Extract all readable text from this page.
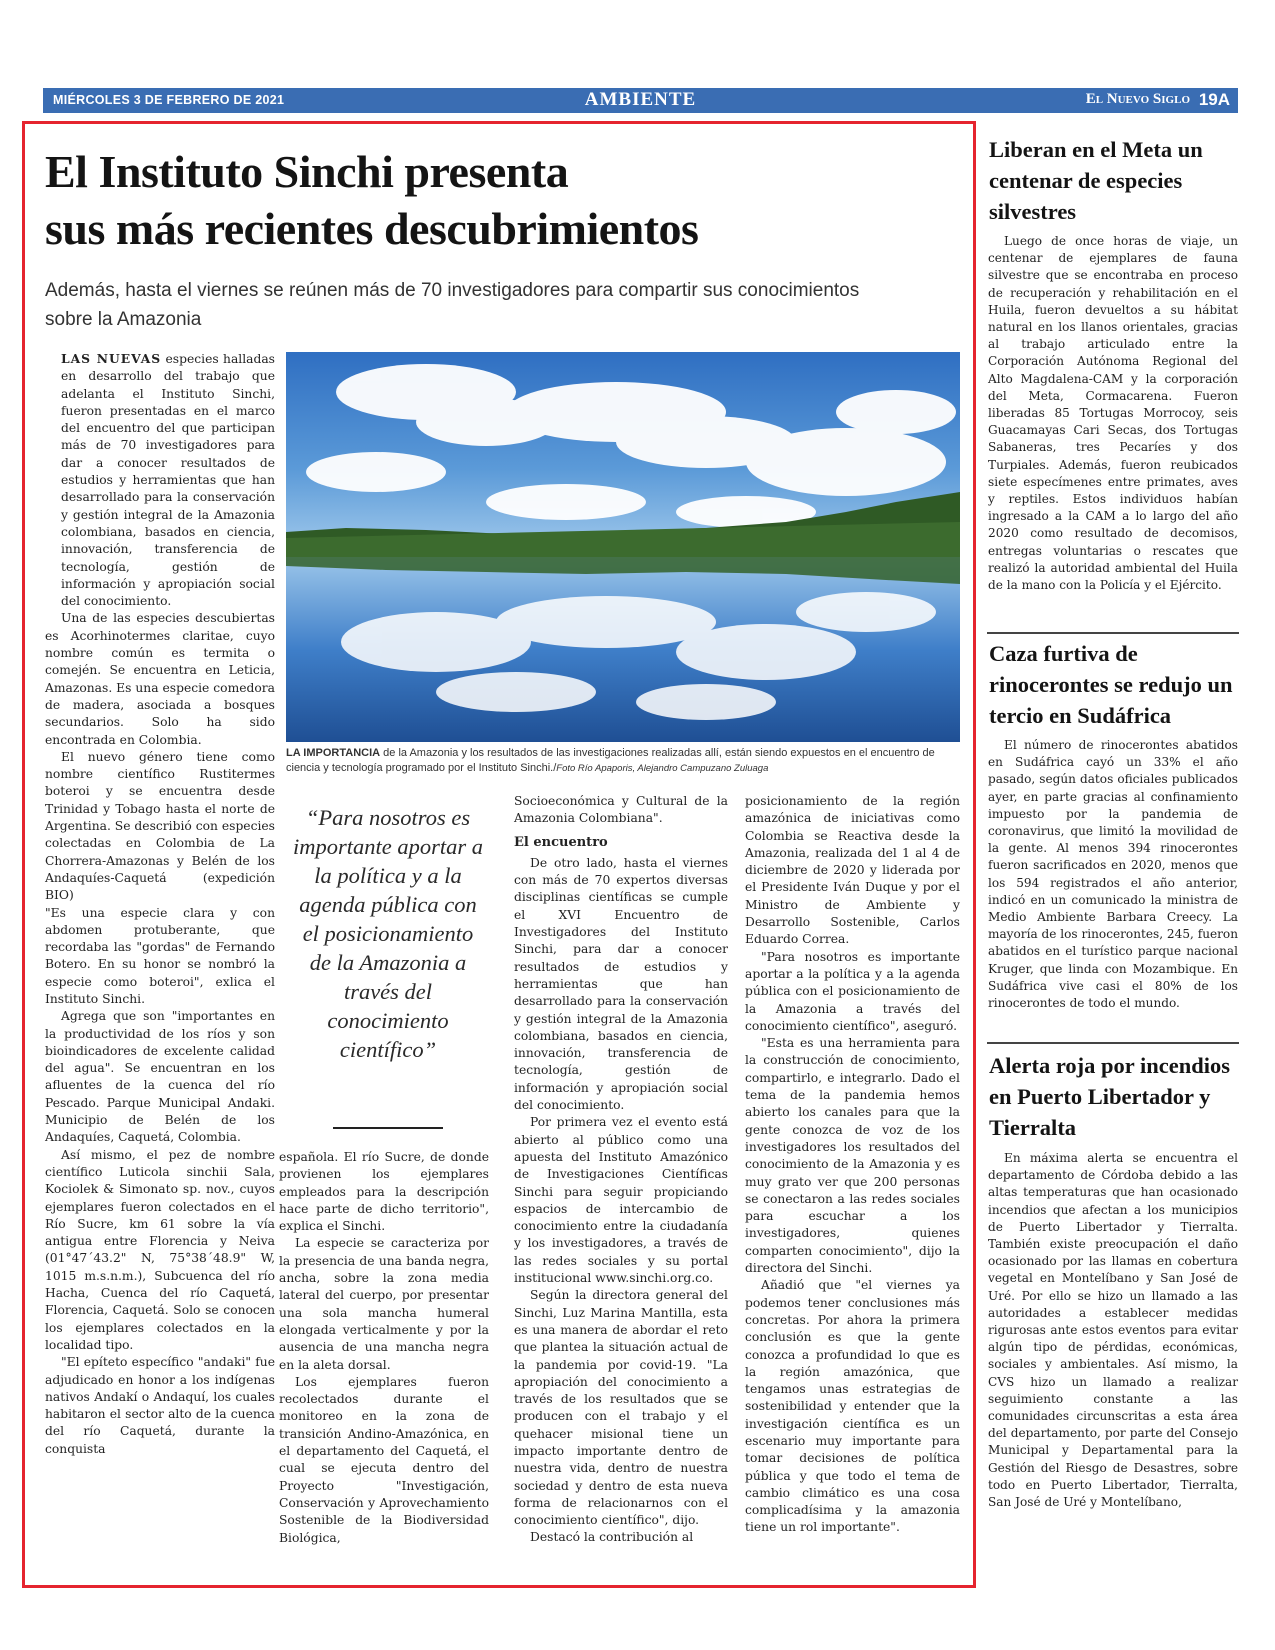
MIÉRCOLES 3 DE FEBRERO DE 2021	AMBIENTE	El Nuevo Siglo 19A
El Instituto Sinchi presenta
sus más recientes descubrimientos
Además, hasta el viernes se reúnen más de 70 investigadores para compartir sus conocimientos sobre la Amazonia

LAS NUEVAS especies halladas en desarrollo del trabajo que adelanta el Instituto Sinchi, fueron presentadas en el marco del encuentro del que participan más de 70 investigadores para dar a conocer resultados de estudios y herramientas que han desarrollado para la conservación y gestión integral de la Amazonia colombiana, basados en ciencia, innovación, transferencia de tecnología, gestión de información y apropiación social del conocimiento.

Una de las especies descubiertas es Acorhinotermes claritae, cuyo nombre común es termita o comején. Se encuentra en Leticia, Amazonas. Es una especie comedora de madera, asociada a bosques secundarios. Solo ha sido encontrada en Colombia.

El nuevo género tiene como nombre científico Rustitermes boteroi y se encuentra desde Trinidad y Tobago hasta el norte de Argentina. Se describió con especies colectadas en Colombia de La Chorrera-Amazonas y Belén de los Andaquíes-Caquetá (expedición BIO)

"Es una especie clara y con abdomen protuberante, que recordaba las "gordas" de Fernando Botero. En su honor se nombró la especie como boteroi", exlica el Instituto Sinchi.

Agrega que son "importantes en la productividad de los ríos y son bioindicadores de excelente calidad del agua". Se encuentran en los afluentes de la cuenca del río Pescado. Parque Municipal Andaki. Municipio de Belén de los Andaquíes, Caquetá, Colombia.

Así mismo, el pez de nombre científico Luticola sinchii Sala, Kociolek & Simonato sp. nov., cuyos ejemplares fueron colectados en el Río Sucre, km 61 sobre la vía antigua entre Florencia y Neiva (01°47´43.2" N, 75°38´48.9" W, 1015 m.s.n.m.), Subcuenca del río Hacha, Cuenca del río Caquetá, Florencia, Caquetá. Solo se conocen los ejemplares colectados en la localidad tipo.

"El epíteto específico "andaki" fue adjudicado en honor a los indígenas nativos Andakí o Andaquí, los cuales habitaron el sector alto de la cuenca del río Caquetá, durante la conquista

LA IMPORTANCIA de la Amazonia y los resultados de las investigaciones realizadas allí, están siendo expuestos en el encuentro de ciencia y tecnología programado por el Instituto Sinchi./Foto Río Apaporis, Alejandro Campuzano Zuluaga
“Para nosotros es importante aportar a la política y a la agenda pública con el posicionamiento de la Amazonia a través del conocimiento científico”

española. El río Sucre, de donde provienen los ejemplares empleados para la descripción hace parte de dicho territorio", explica el Sinchi.

La especie se caracteriza por la presencia de una banda negra, ancha, sobre la zona media lateral del cuerpo, por presentar una sola mancha humeral elongada verticalmente y por la ausencia de una mancha negra en la aleta dorsal.

Los ejemplares fueron recolectados durante el monitoreo en la zona de transición Andino-Amazónica, en el departamento del Caquetá, el cual se ejecuta dentro del Proyecto "Investigación, Conservación y Aprovechamiento Sostenible de la Biodiversidad Biológica,

Socioeconómica y Cultural de la Amazonia Colombiana".

El encuentro

De otro lado, hasta el viernes con más de 70 expertos diversas disciplinas científicas se cumple el XVI Encuentro de Investigadores del Instituto Sinchi, para dar a conocer resultados de estudios y herramientas que han desarrollado para la conservación y gestión integral de la Amazonia colombiana, basados en ciencia, innovación, transferencia de tecnología, gestión de información y apropiación social del conocimiento.

Por primera vez el evento está abierto al público como una apuesta del Instituto Amazónico de Investigaciones Científicas Sinchi para seguir propiciando espacios de intercambio de conocimiento entre la ciudadanía y los investigadores, a través de las redes sociales y su portal institucional www.sinchi.org.co.

Según la directora general del Sinchi, Luz Marina Mantilla, esta es una manera de abordar el reto que plantea la situación actual de la pandemia por covid-19. "La apropiación del conocimiento a través de los resultados que se producen con el trabajo y el quehacer misional tiene un impacto importante dentro de nuestra vida, dentro de nuestra sociedad y dentro de esta nueva forma de relacionarnos con el conocimiento científico", dijo.

Destacó la contribución al

posicionamiento de la región amazónica de iniciativas como Colombia se Reactiva desde la Amazonia, realizada del 1 al 4 de diciembre de 2020 y liderada por el Presidente Iván Duque y por el Ministro de Ambiente y Desarrollo Sostenible, Carlos Eduardo Correa.

"Para nosotros es importante aportar a la política y a la agenda pública con el posicionamiento de la Amazonia a través del conocimiento científico", aseguró.

"Esta es una herramienta para la construcción de conocimiento, compartirlo, e integrarlo. Dado el tema de la pandemia hemos abierto los canales para que la gente conozca de voz de los investigadores los resultados del conocimiento de la Amazonia y es muy grato ver que 200 personas se conectaron a las redes sociales para escuchar a los investigadores, quienes comparten conocimiento", dijo la directora del Sinchi.

Añadió que "el viernes ya podemos tener conclusiones más concretas. Por ahora la primera conclusión es que la gente conozca a profundidad lo que es la región amazónica, que tengamos unas estrategias de sostenibilidad y entender que la investigación científica es un escenario muy importante para tomar decisiones de política pública y que todo el tema de cambio climático es una cosa complicadísima y la amazonia tiene un rol importante".

Liberan en el Meta un centenar de especies silvestres

Luego de once horas de viaje, un centenar de ejemplares de fauna silvestre que se encontraba en proceso de recuperación y rehabilitación en el Huila, fueron devueltos a su hábitat natural en los llanos orientales, gracias al trabajo articulado entre la Corporación Autónoma Regional del Alto Magdalena-CAM y la corporación del Meta, Cormacarena. Fueron liberadas 85 Tortugas Morrocoy, seis Guacamayas Cari Secas, dos Tortugas Sabaneras, tres Pecaríes y dos Turpiales. Además, fueron reubicados siete especímenes entre primates, aves y reptiles. Estos individuos habían ingresado a la CAM a lo largo del año 2020 como resultado de decomisos, entregas voluntarias o rescates que realizó la autoridad ambiental del Huila de la mano con la Policía y el Ejército.

Caza furtiva de rinocerontes se redujo un tercio en Sudáfrica

El número de rinocerontes abatidos en Sudáfrica cayó un 33% el año pasado, según datos oficiales publicados ayer, en parte gracias al confinamiento impuesto por la pandemia de coronavirus, que limitó la movilidad de la gente. Al menos 394 rinocerontes fueron sacrificados en 2020, menos que los 594 registrados el año anterior, indicó en un comunicado la ministra de Medio Ambiente Barbara Creecy. La mayoría de los rinocerontes, 245, fueron abatidos en el turístico parque nacional Kruger, que linda con Mozambique. En Sudáfrica vive casi el 80% de los rinocerontes de todo el mundo.

Alerta roja por incendios en Puerto Libertador y Tierralta

En máxima alerta se encuentra el departamento de Córdoba debido a las altas temperaturas que han ocasionado incendios que afectan a los municipios de Puerto Libertador y Tierralta. También existe preocupación el daño ocasionado por las llamas en cobertura vegetal en Montelíbano y San José de Uré. Por ello se hizo un llamado a las autoridades a establecer medidas rigurosas ante estos eventos para evitar algún tipo de pérdidas, económicas, sociales y ambientales. Así mismo, la CVS hizo un llamado a realizar seguimiento constante a las comunidades circunscritas a esta área del departamento, por parte del Consejo Municipal y Departamental para la Gestión del Riesgo de Desastres, sobre todo en Puerto Libertador, Tierralta, San José de Uré y Montelíbano,
